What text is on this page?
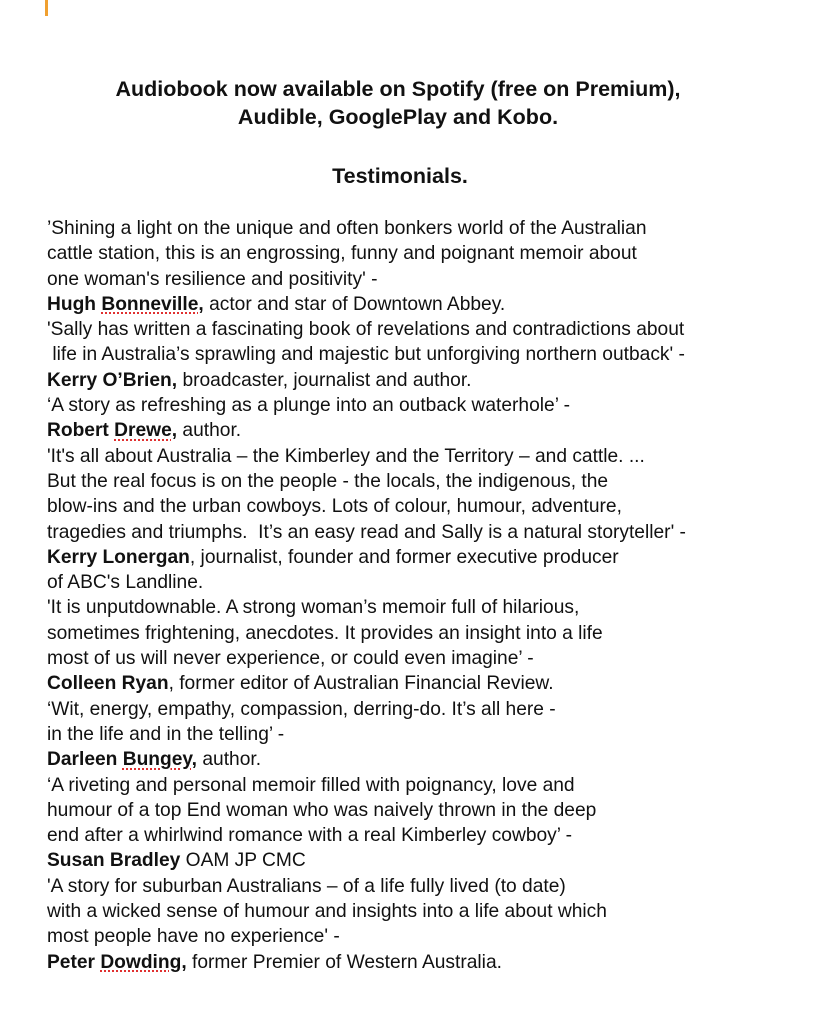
Audiobook now available on Spotify (free on Premium),
Audible, GooglePlay and Kobo.
Testimonials.
’Shining a light on the unique and often bonkers world of the Australian
cattle station, this is an engrossing, funny and poignant memoir about
one woman's resilience and positivity' -
Hugh Bonneville, actor and star of Downtown Abbey.
'Sally has written a fascinating book of revelations and contradictions about
life in Australia’s sprawling and majestic but unforgiving northern outback' -
Kerry O’Brien, broadcaster, journalist and author.
‘A story as refreshing as a plunge into an outback waterhole’ -
Robert Drewe, author.
'It's all about Australia – the Kimberley and the Territory – and cattle. ...
But the real focus is on the people - the locals, the indigenous, the
blow-ins and the urban cowboys. Lots of colour, humour, adventure,
tragedies and triumphs.  It’s an easy read and Sally is a natural storyteller' -
Kerry Lonergan, journalist, founder and former executive producer
of ABC's Landline.
'It is unputdownable. A strong woman’s memoir full of hilarious,
sometimes frightening, anecdotes. It provides an insight into a life
most of us will never experience, or could even imagine’ -
Colleen Ryan, former editor of Australian Financial Review.
‘Wit, energy, empathy, compassion, derring-do. It’s all here -
in the life and in the telling’ -
Darleen Bungey, author.
‘A riveting and personal memoir filled with poignancy, love and
humour of a top End woman who was naively thrown in the deep
end after a whirlwind romance with a real Kimberley cowboy’ -
Susan Bradley OAM JP CMC
'A story for suburban Australians – of a life fully lived (to date)
with a wicked sense of humour and insights into a life about which
most people have no experience' -
Peter Dowding, former Premier of Western Australia.
